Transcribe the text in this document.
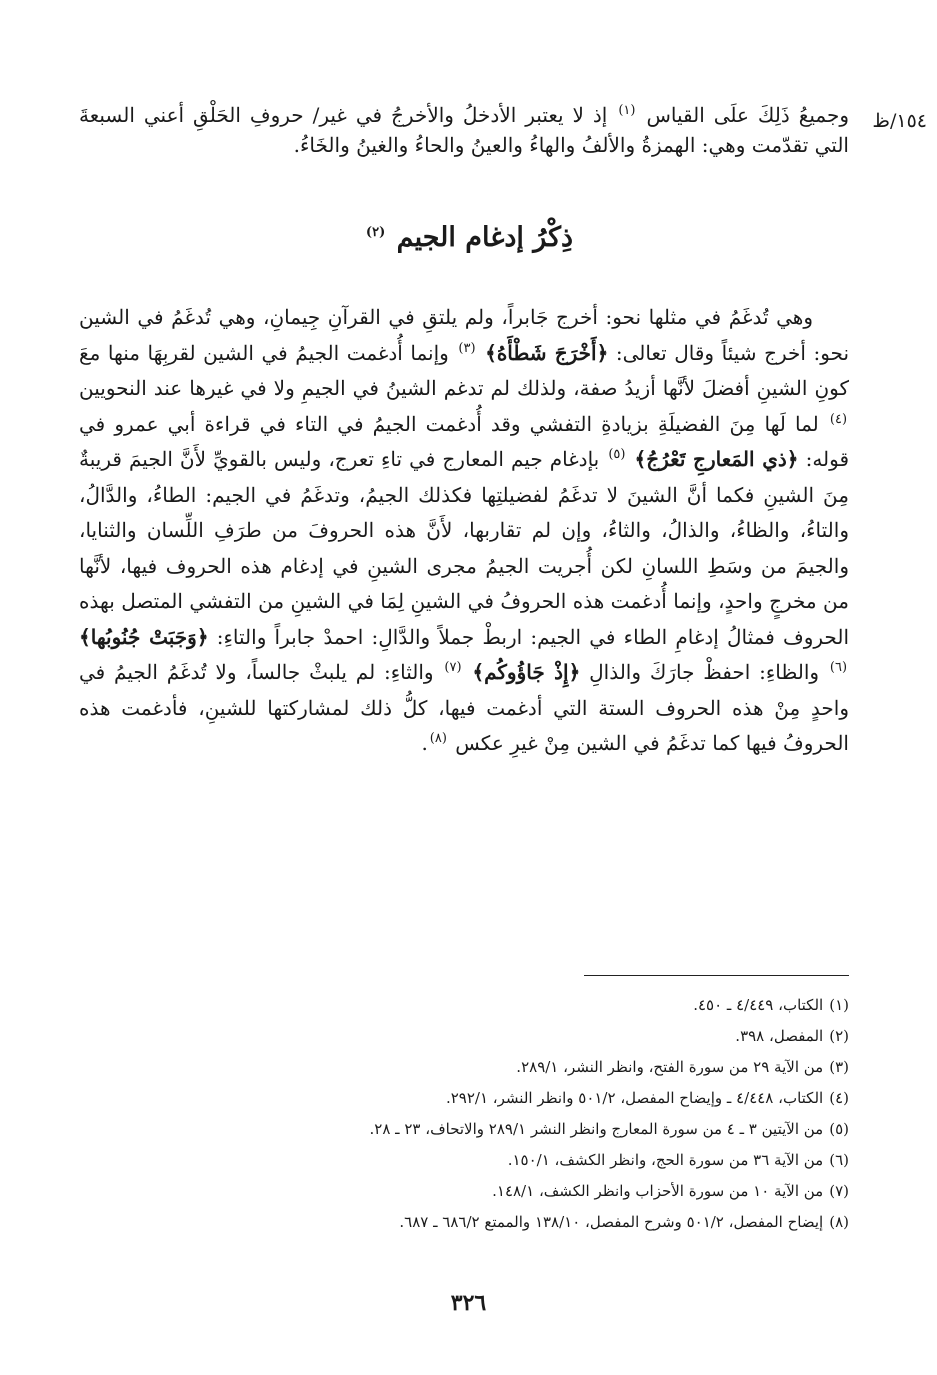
١٥٤/ظ

وجميعُ ذَلِكَ علَى القياس $^{(١)}$ إذ لا يعتبر الأدخلُ والأخرجُ في غير/ حروفِ الحَلْقِ أعني السبعةَ التي تقدّمت وهي: الهمزةُ والألفُ والهاءُ والعينُ والحاءُ والغينُ والخَاءُ.

ذِكْرُ إدغام الجيم $^{(٢)}$

وهي تُدغَمُ في مثلها نحو: أخرج جَابراً، ولم يلتقِ في القرآنِ جِيمانِ، وهي تُدغَمُ في الشين نحو: أخرج شيئاً وقال تعالى: ﴿أَخْرَجَ شَطْأَهُ﴾ $^{(٣)}$ وإنما أُدغمت الجيمُ في الشين لقربِهَا منها معَ كونِ الشينِ أفضلَ لأنَّها أزيدُ صفة، ولذلك لم تدغم الشينُ في الجيمِ ولا في غيرها عند النحويين $^{(٤)}$ لما لَها مِنَ الفضيلَةِ بزيادةِ التفشي وقد أُدغمت الجيمُ في التاء في قراءة أبي عمرو في قوله: ﴿ذي المَعارجِ تَعْرُجُ﴾ $^{(٥)}$ بإدغام جيم المعارج في تاءِ تعرج، وليس بالقويِّ لأَنَّ الجيمَ قريبةٌ مِنَ الشينِ فكما أنَّ الشينَ لا تدغَمُ لفضيلتِها فكذلك الجيمُ، وتدغَمُ في الجيم: الطاءُ، والدَّالُ، والتاءُ، والظاءُ، والذالُ، والثاءُ، وإن لم تقاربها، لأَنَّ هذه الحروفَ من طرَفِ اللِّسان والثنايا، والجيمَ من وسَطِ اللسانِ لكن أُجريت الجيمُ مجرى الشينِ في إدغام هذه الحروف فيها، لأنَّها من مخرجٍ واحدٍ، وإنما أُدغمت هذه الحروفُ في الشينِ لِمَا في الشينِ من التفشي المتصل بهذه الحروف فمثالُ إدغامِ الطاء في الجيم: اربطْ جملاً والدَّالِ: احمدْ جابراً والتاءِ: ﴿وَجَبَتْ جُنُوبُها﴾ $^{(٦)}$ والظاءِ: احفظْ جارَكَ والذالِ ﴿إِذْ جَاؤُوكُم﴾ $^{(٧)}$ والثاءِ: لم يلبثْ جالساً، ولا تُدغَمُ الجيمُ في واحدٍ مِنْ هذه الحروف الستة التي أدغمت فيها، كلُّ ذلك لمشاركتها للشينِ، فأدغمت هذه الحروفُ فيها كما تدغَمُ في الشين مِنْ غيرِ عكس $^{(٨)}$.

(١)الكتاب، ٤/٤٤٩ ـ ٤٥٠.
(٢)المفصل، ٣٩٨.
(٣)من الآية ٢٩ من سورة الفتح، وانظر النشر، ٢٨٩/١.
(٤)الكتاب، ٤/٤٤٨ ـ وإيضاح المفصل، ٥٠١/٢ وانظر النشر، ٢٩٢/١.
(٥)من الآيتين ٣ ـ ٤ من سورة المعارج وانظر النشر ٢٨٩/١ والاتحاف، ٢٣ ـ ٢٨.
(٦)من الآية ٣٦ من سورة الحج، وانظر الكشف، ١٥٠/١.
(٧)من الآية ١٠ من سورة الأحزاب وانظر الكشف، ١٤٨/١.
(٨)إيضاح المفصل، ٥٠١/٢ وشرح المفصل، ١٣٨/١٠ والممتع ٦٨٦/٢ ـ ٦٨٧.
٣٢٦
